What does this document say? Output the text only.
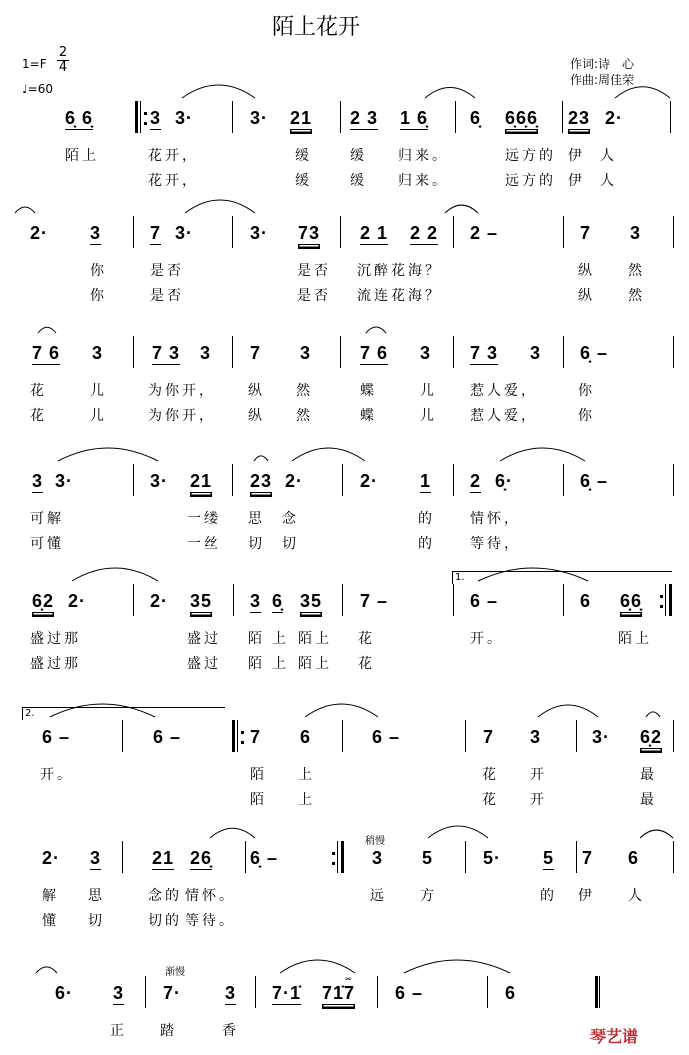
陌上花开
1=F
2
4
♩=60
作词:诗　心
作曲:周佳荣
1.
2.
稍慢
渐慢	𝆗
琴艺谱
6̣ 6̣	3 3·	3· 21 2 3 1 6̣ 6̣ 6̣6̣6̣ 23 2·
陌上	花开，	缓	缓 归来。	远方的 伊 人
花开，	缓	缓 归来。	远方的 伊 人
2· 3	7 3·	3· 73 2 1 2 2 2 –	7 3
你	是否	是否 沉醉花海？	纵 然
你	是否	是否 流连花海？	纵 然
7 6 3	7 3 3 7 3	7 6 3 7 3 3 6̣ –
花	儿	为你开， 纵 然	蝶	儿 惹人爱，	你
花	儿	为你开， 纵 然	蝶	儿 惹人爱，	你
3 3·	3· 21 23 2·	2· 1 2 6̣·	6̣ –
可解	一缕 思 念	的	情怀，
可懂	一丝 切 切	的	等待，
6̣2 2·	2· 35 3 6̣ 35 7 –	6 –	6 6̣6̣
盛过那	盛过 陌 上 陌上 花	开。	陌上
盛过那	盛过 陌 上 陌上 花
6 –	6 –	7 6	6 –	7 3	3· 6̣2
开。	陌 上	花 开	最
陌 上	花 开	最
2· 3	21 26̣ 6̣ –	3 5	5· 5 7 6
解 思	念的 情怀。	远 方	的 伊 人
懂 切	切的 等待。
6· 3 7· 3 7·1̇ 71̇7 6 –	6
正 踏	香
